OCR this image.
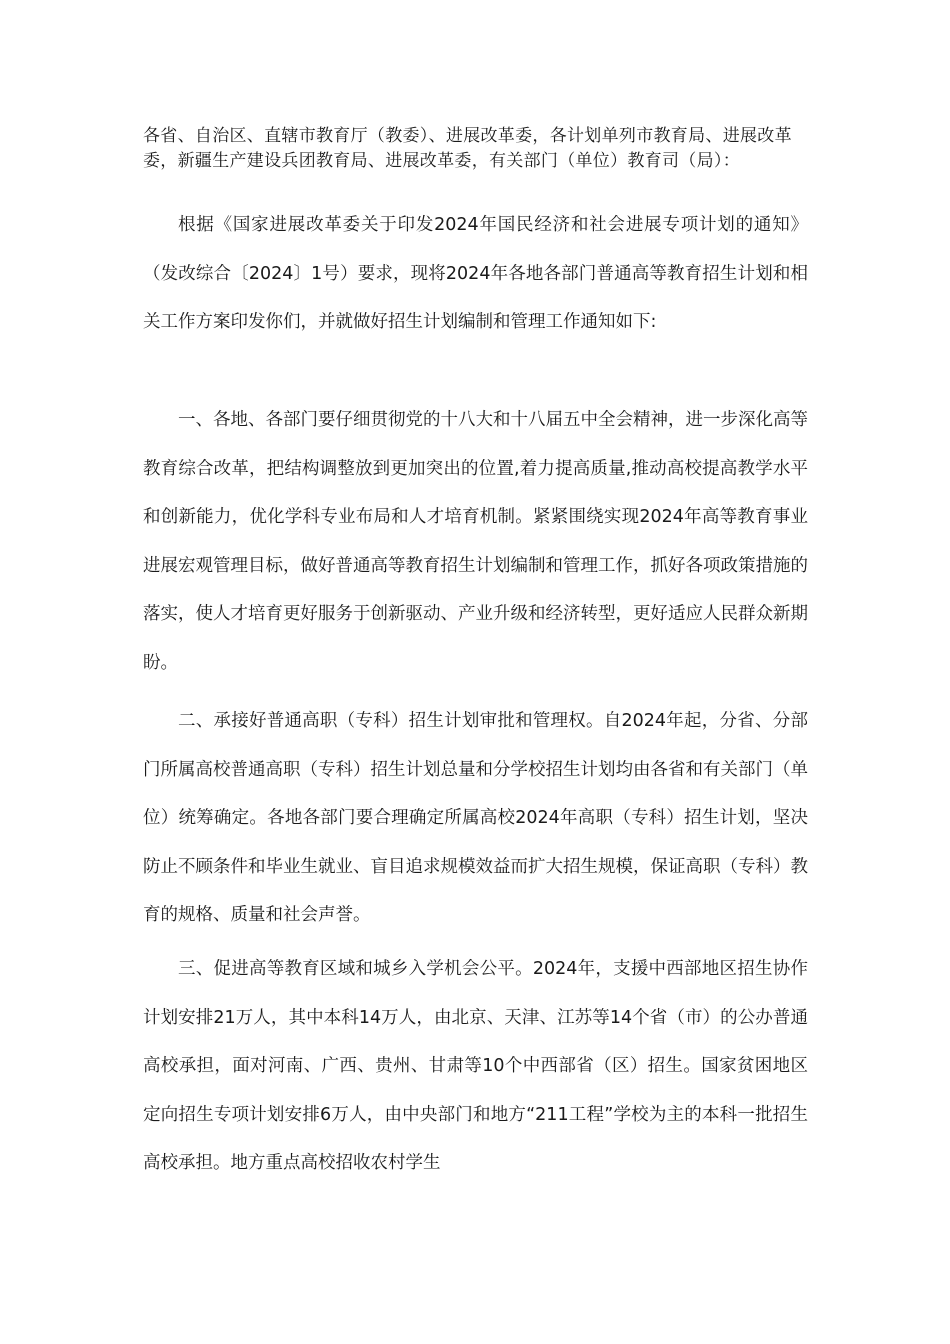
各省、自治区、直辖市教育厅（教委）、进展改革委，各计划单列市教育局、进展改革委，新疆生产建设兵团教育局、进展改革委，有关部门（单位）教育司（局）：

根据《国家进展改革委关于印发2024年国民经济和社会进展专项计划的通知》（发改综合〔2024〕1号）要求，现将2024年各地各部门普通高等教育招生计划和相关工作方案印发你们，并就做好招生计划编制和管理工作通知如下:

一、各地、各部门要仔细贯彻党的十八大和十八届五中全会精神，进一步深化高等教育综合改革，把结构调整放到更加突出的位置,着力提高质量,推动高校提高教学水平和创新能力，优化学科专业布局和人才培育机制。紧紧围绕实现2024年高等教育事业进展宏观管理目标，做好普通高等教育招生计划编制和管理工作，抓好各项政策措施的落实，使人才培育更好服务于创新驱动、产业升级和经济转型，更好适应人民群众新期盼。

二、承接好普通高职（专科）招生计划审批和管理权。自2024年起，分省、分部门所属高校普通高职（专科）招生计划总量和分学校招生计划均由各省和有关部门（单位）统筹确定。各地各部门要合理确定所属高校2024年高职（专科）招生计划，坚决防止不顾条件和毕业生就业、盲目追求规模效益而扩大招生规模，保证高职（专科）教育的规格、质量和社会声誉。

三、促进高等教育区域和城乡入学机会公平。2024年，支援中西部地区招生协作计划安排21万人，其中本科14万人，由北京、天津、江苏等14个省（市）的公办普通高校承担，面对河南、广西、贵州、甘肃等10个中西部省（区）招生。国家贫困地区定向招生专项计划安排6万人，由中央部门和地方“211工程”学校为主的本科一批招生高校承担。地方重点高校招收农村学生
